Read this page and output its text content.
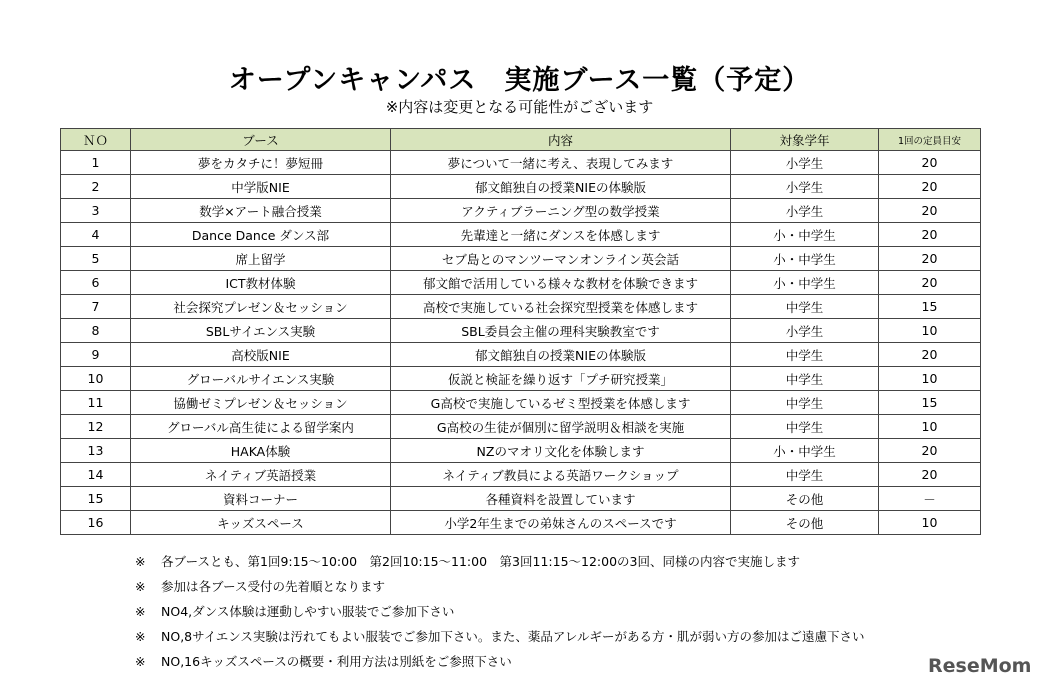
オープンキャンパス　実施ブース一覧（予定）
※内容は変更となる可能性がございます
ＮＯ	ブース	内容	対象学年	1回の定員目安
1	夢をカタチに！夢短冊	夢について一緒に考え、表現してみます	小学生	20
2	中学版NIE	郁文館独自の授業NIEの体験版	小学生	20
3	数学×アート融合授業	アクティブラーニング型の数学授業	小学生	20
4	Dance Dance ダンス部	先輩達と一緒にダンスを体感します	小・中学生	20
5	席上留学	セブ島とのマンツーマンオンライン英会話	小・中学生	20
6	ICT教材体験	郁文館で活用している様々な教材を体験できます	小・中学生	20
7	社会探究プレゼン＆セッション	高校で実施している社会探究型授業を体感します	中学生	15
8	SBLサイエンス実験	SBL委員会主催の理科実験教室です	小学生	10
9	高校版NIE	郁文館独自の授業NIEの体験版	中学生	20
10	グローバルサイエンス実験	仮説と検証を繰り返す「プチ研究授業」	中学生	10
11	協働ゼミプレゼン＆セッション	G高校で実施しているゼミ型授業を体感します	中学生	15
12	グローバル高生徒による留学案内	G高校の生徒が個別に留学説明＆相談を実施	中学生	10
13	HAKA体験	NZのマオリ文化を体験します	小・中学生	20
14	ネイティブ英語授業	ネイティブ教員による英語ワークショップ	中学生	20
15	資料コーナー	各種資料を設置しています	その他	－
16	キッズスペース	小学2年生までの弟妹さんのスペースです	その他	10
※ 各ブースとも、第1回9:15～10:00　第2回10:15～11:00　第3回11:15～12:00の3回、同様の内容で実施します
※ 参加は各ブース受付の先着順となります
※ NO4,ダンス体験は運動しやすい服装でご参加下さい
※ NO,8サイエンス実験は汚れてもよい服装でご参加下さい。また、薬品アレルギーがある方・肌が弱い方の参加はご遠慮下さい
※ NO,16キッズスペースの概要・利用方法は別紙をご参照下さい	ReseMom
